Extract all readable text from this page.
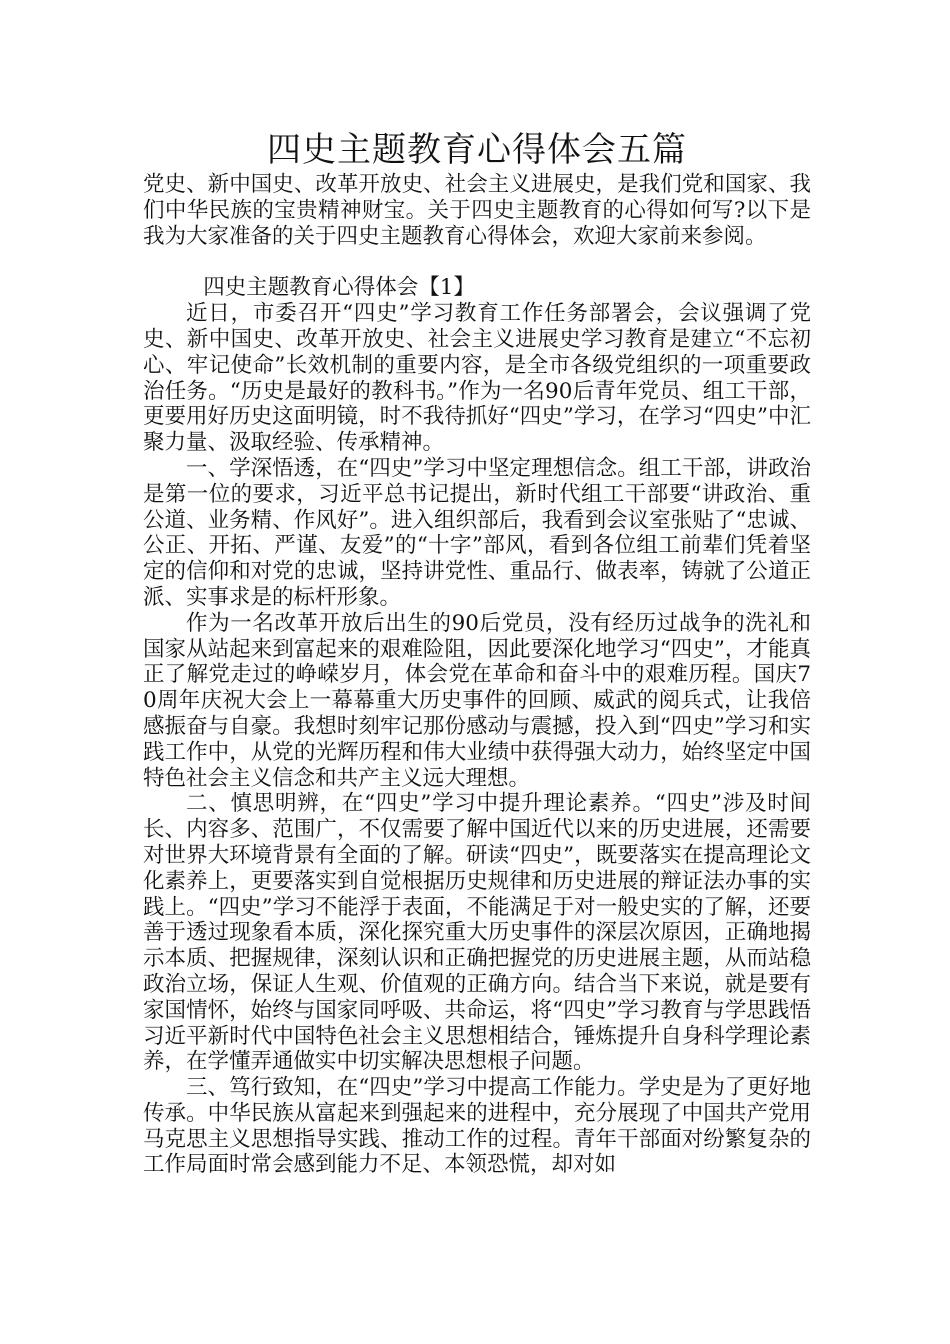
四史主题教育心得体会五篇

党史、新中国史、改革开放史、社会主义进展史，是我们党和国家、我们中华民族的宝贵精神财宝。关于四史主题教育的心得如何写?以下是我为大家准备的关于四史主题教育心得体会，欢迎大家前来参阅。

四史主题教育心得体会【1】

近日，市委召开“四史”学习教育工作任务部署会，会议强调了党史、新中国史、改革开放史、社会主义进展史学习教育是建立“不忘初心、牢记使命”长效机制的重要内容，是全市各级党组织的一项重要政治任务。“历史是最好的教科书。”作为一名90后青年党员、组工干部，更要用好历史这面明镜，时不我待抓好“四史”学习，在学习“四史”中汇聚力量、汲取经验、传承精神。

一、学深悟透，在“四史”学习中坚定理想信念。组工干部，讲政治是第一位的要求，习近平总书记提出，新时代组工干部要“讲政治、重公道、业务精、作风好”。进入组织部后，我看到会议室张贴了“忠诚、公正、开拓、严谨、友爱”的“十字”部风，看到各位组工前辈们凭着坚定的信仰和对党的忠诚，坚持讲党性、重品行、做表率，铸就了公道正派、实事求是的标杆形象。

作为一名改革开放后出生的90后党员，没有经历过战争的洗礼和国家从站起来到富起来的艰难险阻，因此要深化地学习“四史”，才能真正了解党走过的峥嵘岁月，体会党在革命和奋斗中的艰难历程。国庆70周年庆祝大会上一幕幕重大历史事件的回顾、威武的阅兵式，让我倍感振奋与自豪。我想时刻牢记那份感动与震撼，投入到“四史”学习和实践工作中，从党的光辉历程和伟大业绩中获得强大动力，始终坚定中国特色社会主义信念和共产主义远大理想。

二、慎思明辨，在“四史”学习中提升理论素养。“四史”涉及时间长、内容多、范围广，不仅需要了解中国近代以来的历史进展，还需要对世界大环境背景有全面的了解。研读“四史”，既要落实在提高理论文化素养上，更要落实到自觉根据历史规律和历史进展的辩证法办事的实践上。“四史”学习不能浮于表面，不能满足于对一般史实的了解，还要善于透过现象看本质，深化探究重大历史事件的深层次原因，正确地揭示本质、把握规律，深刻认识和正确把握党的历史进展主题，从而站稳政治立场，保证人生观、价值观的正确方向。结合当下来说，就是要有家国情怀，始终与国家同呼吸、共命运，将“四史”学习教育与学思践悟习近平新时代中国特色社会主义思想相结合，锤炼提升自身科学理论素养，在学懂弄通做实中切实解决思想根子问题。

三、笃行致知，在“四史”学习中提高工作能力。学史是为了更好地传承。中华民族从富起来到强起来的进程中，充分展现了中国共产党用马克思主义思想指导实践、推动工作的过程。青年干部面对纷繁复杂的工作局面时常会感到能力不足、本领恐慌，却对如
